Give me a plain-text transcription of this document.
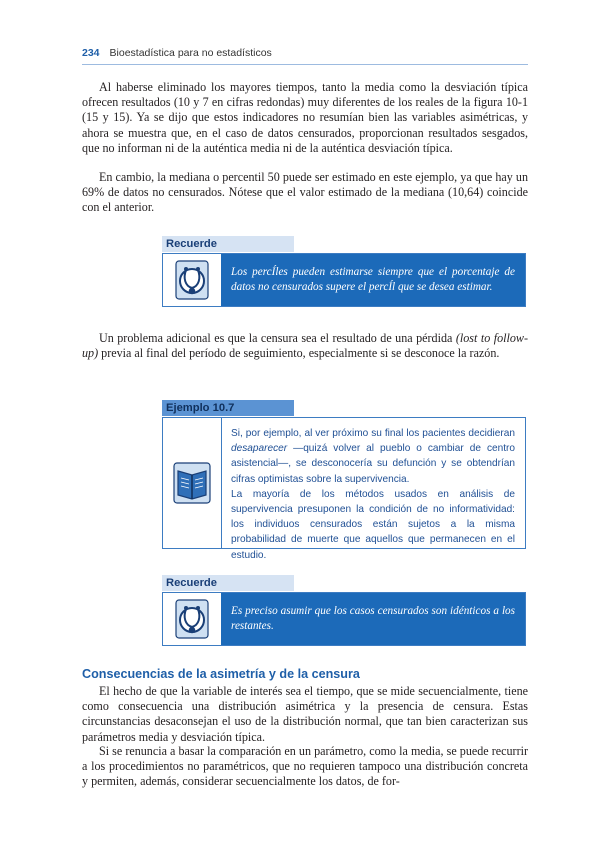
234 Bioestadística para no estadísticos

Al haberse eliminado los mayores tiempos, tanto la media como la desviación típica ofrecen resultados (10 y 7 en cifras redondas) muy diferentes de los reales de la figura 10-1 (15 y 15). Ya se dijo que estos indicadores no resumían bien las variables asimétricas, y ahora se muestra que, en el caso de datos censurados, proporcionan resultados sesgados, que no informan ni de la auténtica media ni de la auténtica desviación típica.

En cambio, la mediana o percentil 50 puede ser estimado en este ejemplo, ya que hay un 69% de datos no censurados. Nótese que el valor estimado de la mediana (10,64) coincide con el anterior.

Recuerde

Los percÍles pueden estimarse siempre que el porcentaje de datos no censurados supere el percÍl que se desea estimar.

Un problema adicional es que la censura sea el resultado de una pérdida (lost to follow-up) previa al final del período de seguimiento, especialmente si se desconoce la razón.

Ejemplo 10.7

Si, por ejemplo, al ver próximo su final los pacientes decidieran desaparecer —quizá volver al pueblo o cambiar de centro asistencial—, se desconocería su defunción y se obtendrían cifras optimistas sobre la supervivencia.

La mayoría de los métodos usados en análisis de supervivencia presuponen la condición de no informatividad: los individuos censurados están sujetos a la misma probabilidad de muerte que aquellos que permanecen en el estudio.

Recuerde

Es preciso asumir que los casos censurados son idénticos a los restantes.

Consecuencias de la asimetría y de la censura

El hecho de que la variable de interés sea el tiempo, que se mide secuencialmente, tiene como consecuencia una distribución asimétrica y la presencia de censura. Estas circunstancias desaconsejan el uso de la distribución normal, que tan bien caracterizan sus parámetros media y desviación típica.

Si se renuncia a basar la comparación en un parámetro, como la media, se puede recurrir a los procedimientos no paramétricos, que no requieren tampoco una distribución concreta y permiten, además, considerar secuencialmente los datos, de for-
